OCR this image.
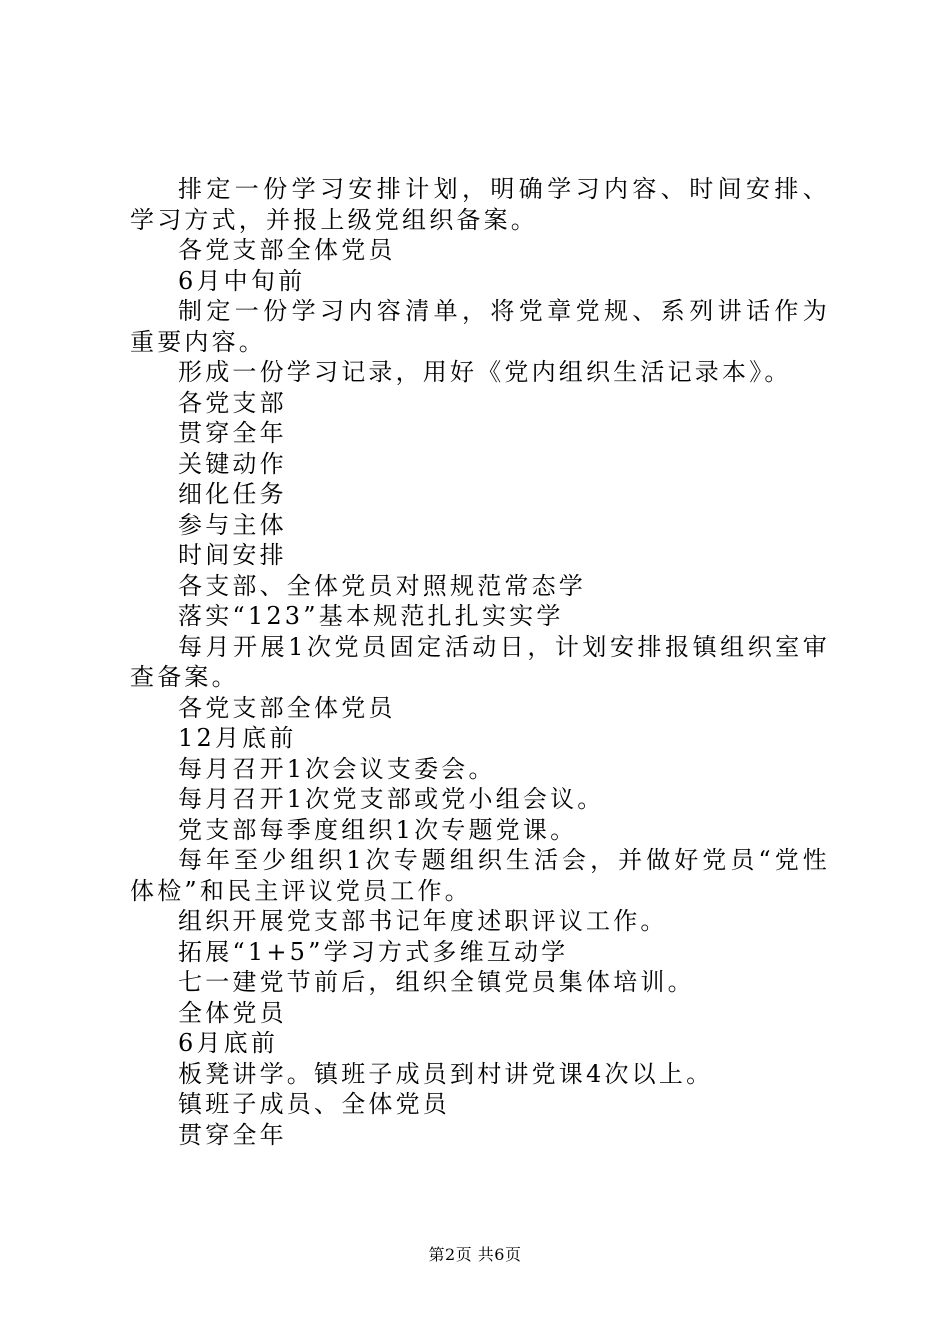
排定一份学习安排计划，明确学习内容、时间安排、学习方式，并报上级党组织备案。

各党支部全体党员

6月中旬前

制定一份学习内容清单，将党章党规、系列讲话作为重要内容。

形成一份学习记录，用好《党内组织生活记录本》。

各党支部

贯穿全年

关键动作

细化任务

参与主体

时间安排

各支部、全体党员对照规范常态学

落实“123”基本规范扎扎实实学

每月开展1次党员固定活动日，计划安排报镇组织室审查备案。

各党支部全体党员

12月底前

每月召开1次会议支委会。

每月召开1次党支部或党小组会议。

党支部每季度组织1次专题党课。

每年至少组织1次专题组织生活会，并做好党员“党性体检”和民主评议党员工作。

组织开展党支部书记年度述职评议工作。

拓展“1+5”学习方式多维互动学

七一建党节前后，组织全镇党员集体培训。

全体党员

6月底前

板凳讲学。镇班子成员到村讲党课4次以上。

镇班子成员、全体党员

贯穿全年

第2页 共6页
